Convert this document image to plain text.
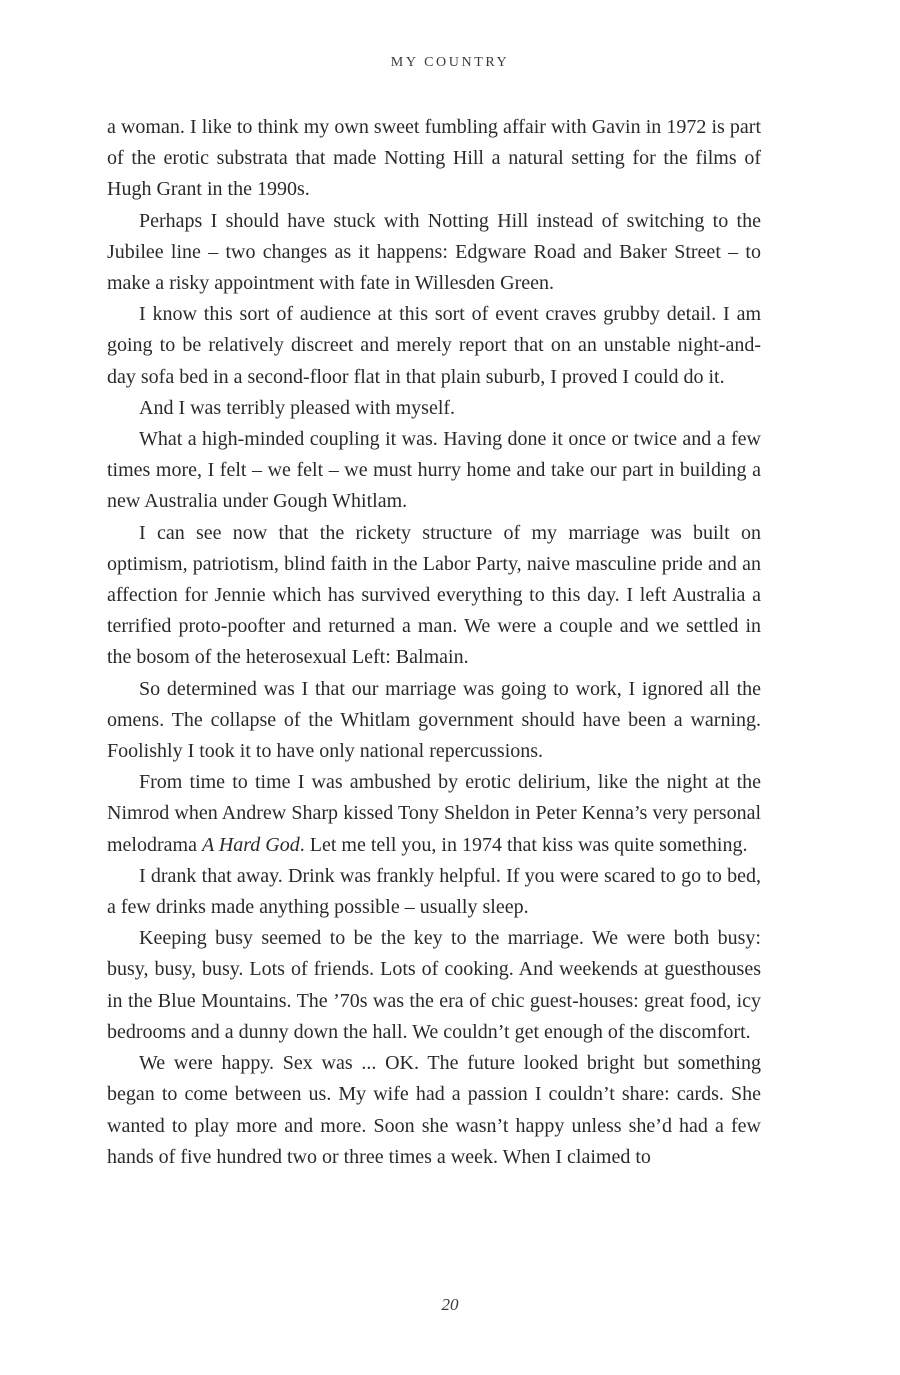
MY COUNTRY

a woman. I like to think my own sweet fumbling affair with Gavin in 1972 is part of the erotic substrata that made Notting Hill a natural setting for the films of Hugh Grant in the 1990s.

Perhaps I should have stuck with Notting Hill instead of switching to the Jubilee line – two changes as it happens: Edgware Road and Baker Street – to make a risky appointment with fate in Willesden Green.

I know this sort of audience at this sort of event craves grubby detail. I am going to be relatively discreet and merely report that on an unstable night-and-day sofa bed in a second-floor flat in that plain suburb, I proved I could do it.

And I was terribly pleased with myself.

What a high-minded coupling it was. Having done it once or twice and a few times more, I felt – we felt – we must hurry home and take our part in building a new Australia under Gough Whitlam.

I can see now that the rickety structure of my marriage was built on optimism, patriotism, blind faith in the Labor Party, naive masculine pride and an affection for Jennie which has survived everything to this day. I left Australia a terrified proto-poofter and returned a man. We were a couple and we settled in the bosom of the heterosexual Left: Balmain.

So determined was I that our marriage was going to work, I ignored all the omens. The collapse of the Whitlam government should have been a warning. Foolishly I took it to have only national repercussions.

From time to time I was ambushed by erotic delirium, like the night at the Nimrod when Andrew Sharp kissed Tony Sheldon in Peter Kenna’s very personal melodrama A Hard God. Let me tell you, in 1974 that kiss was quite something.

I drank that away. Drink was frankly helpful. If you were scared to go to bed, a few drinks made anything possible – usually sleep.

Keeping busy seemed to be the key to the marriage. We were both busy: busy, busy, busy. Lots of friends. Lots of cooking. And weekends at guesthouses in the Blue Mountains. The ’70s was the era of chic guest-houses: great food, icy bedrooms and a dunny down the hall. We couldn’t get enough of the discomfort.

We were happy. Sex was ... OK. The future looked bright but something began to come between us. My wife had a passion I couldn’t share: cards. She wanted to play more and more. Soon she wasn’t happy unless she’d had a few hands of five hundred two or three times a week. When I claimed to

20
